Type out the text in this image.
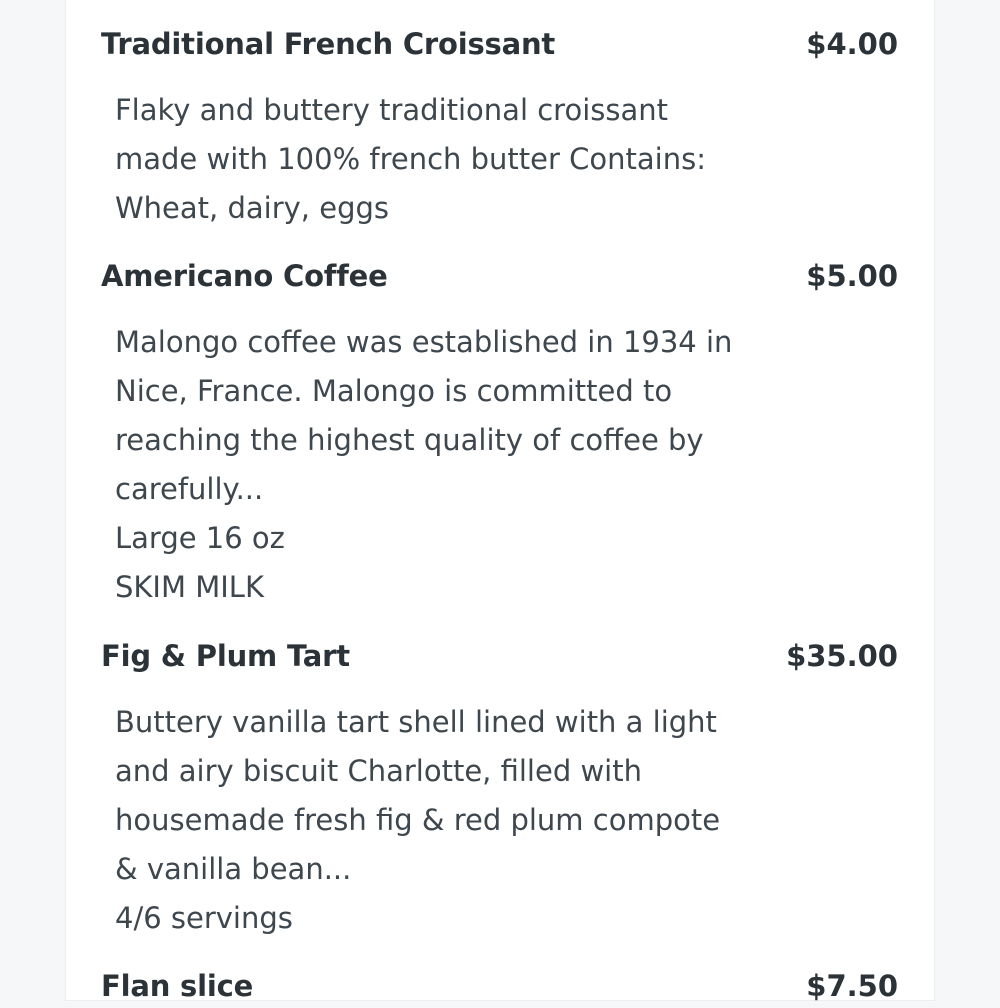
Traditional French Croissant	$4.00
Flaky and buttery traditional croissant
made with 100% french butter Contains:
Wheat, dairy, eggs
Americano Coffee	$5.00
Malongo coffee was established in 1934 in
Nice, France. Malongo is committed to
reaching the highest quality of coffee by
carefully...
Large 16 oz
SKIM MILK
Fig & Plum Tart	$35.00
Buttery vanilla tart shell lined with a light
and airy biscuit Charlotte, filled with
housemade fresh fig & red plum compote
& vanilla bean...
4/6 servings
Flan slice	$7.50
